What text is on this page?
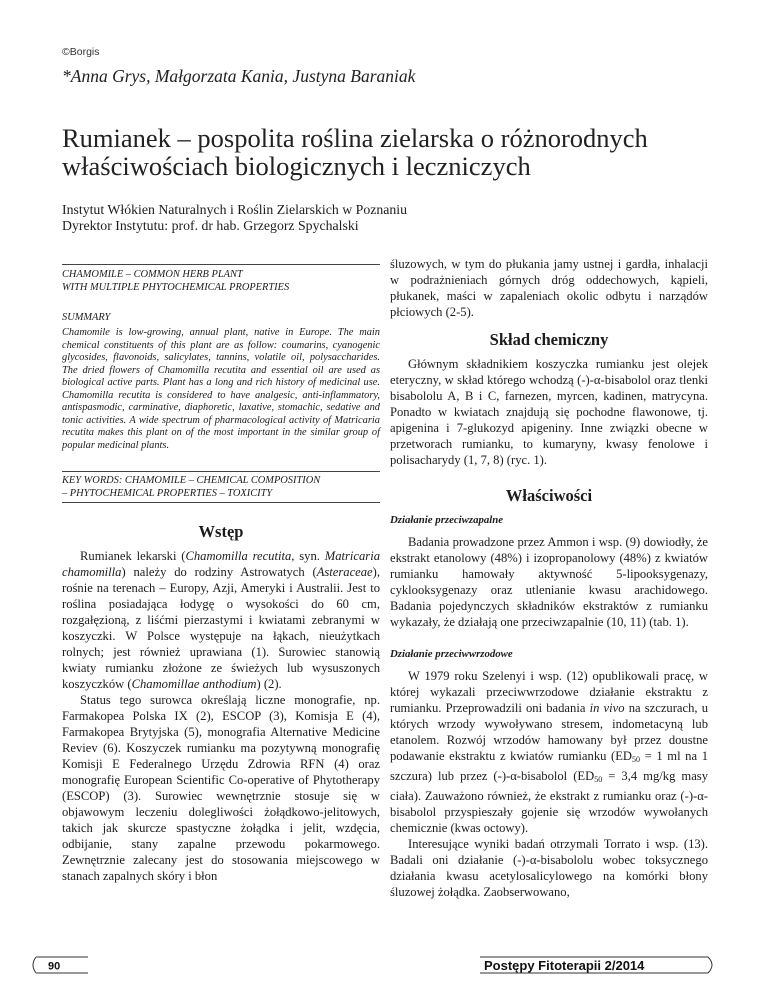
©Borgis
*Anna Grys, Małgorzata Kania, Justyna Baraniak
Rumianek – pospolita roślina zielarska o różnorodnych właściwościach biologicznych i leczniczych
Instytut Włókien Naturalnych i Roślin Zielarskich w Poznaniu
Dyrektor Instytutu: prof. dr hab. Grzegorz Spychalski
CHAMOMILE – COMMON HERB PLANT
WITH MULTIPLE PHYTOCHEMICAL PROPERTIES
SUMMARY
Chamomile is low-growing, annual plant, native in Europe. The main chemical constituents of this plant are as follow: coumarins, cyanogenic glycosides, flavonoids, salicylates, tannins, volatile oil, polysaccharides. The dried flowers of Chamomilla recutita and essential oil are used as biological active parts. Plant has a long and rich history of medicinal use. Chamomilla recutita is considered to have analgesic, anti-inflammatory, antispasmodic, carminative, diaphoretic, laxative, stomachic, sedative and tonic activities. A wide spectrum of pharmacological activity of Matricaria recutita makes this plant on of the most important in the similar group of popular medicinal plants.
KEY WORDS: CHAMOMILE – CHEMICAL COMPOSITION
– PHYTOCHEMICAL PROPERTIES – TOXICITY
Wstęp

Rumianek lekarski (Chamomilla recutita, syn. Matricaria chamomilla) należy do rodziny Astrowatych (Asteraceae), rośnie na terenach – Europy, Azji, Ameryki i Australii. Jest to roślina posiadająca łodygę o wysokości do 60 cm, rozgałęzioną, z liśćmi pierzastymi i kwiatami zebranymi w koszyczki. W Polsce występuje na łąkach, nieużytkach rolnych; jest również uprawiana (1). Surowiec stanowią kwiaty rumianku złożone ze świeżych lub wysuszonych koszyczków (Chamomillae anthodium) (2).

Status tego surowca określają liczne monografie, np. Farmakopea Polska IX (2), ESCOP (3), Komisja E (4), Farmakopea Brytyjska (5), monografia Alternative Medicine Reviev (6). Koszyczek rumianku ma pozytywną monografię Komisji E Federalnego Urzędu Zdrowia RFN (4) oraz monografię European Scientific Co-operative of Phytotherapy (ESCOP) (3). Surowiec wewnętrznie stosuje się w objawowym leczeniu dolegliwości żołądkowo-jelitowych, takich jak skurcze spastyczne żołądka i jelit, wzdęcia, odbijanie, stany zapalne przewodu pokarmowego. Zewnętrznie zalecany jest do stosowania miejscowego w stanach zapalnych skóry i błon

śluzowych, w tym do płukania jamy ustnej i gardła, inhalacji w podrażnieniach górnych dróg oddechowych, kąpieli, płukanek, maści w zapaleniach okolic odbytu i narządów płciowych (2-5).

Skład chemiczny

Głównym składnikiem koszyczka rumianku jest olejek eteryczny, w skład którego wchodzą (-)-α-bisabolol oraz tlenki bisabololu A, B i C, farnezen, myrcen, kadinen, matrycyna. Ponadto w kwiatach znajdują się pochodne flawonowe, tj. apigenina i 7-glukozyd apigeniny. Inne związki obecne w przetworach rumianku, to kumaryny, kwasy fenolowe i polisacharydy (1, 7, 8) (ryc. 1).

Właściwości
Działanie przeciwzapalne

Badania prowadzone przez Ammon i wsp. (9) dowiodły, że ekstrakt etanolowy (48%) i izopropanolowy (48%) z kwiatów rumianku hamowały aktywność 5-lipooksygenazy, cyklooksygenazy oraz utlenianie kwasu arachidowego. Badania pojedynczych składników ekstraktów z rumianku wykazały, że działają one przeciwzapalnie (10, 11) (tab. 1).

Działanie przeciwwrzodowe

W 1979 roku Szelenyi i wsp. (12) opublikowali pracę, w której wykazali przeciwwrzodowe działanie ekstraktu z rumianku. Przeprowadzili oni badania in vivo na szczurach, u których wrzody wywoływano stresem, indometacyną lub etanolem. Rozwój wrzodów hamowany był przez doustne podawanie ekstraktu z kwiatów rumianku ($ED_{50} = 1$ ml na 1 szczura) lub przez (-)-α-bisabolol ($ED_{50} = 3,4$ mg/kg masy ciała). Zauważono również, że ekstrakt z rumianku oraz (-)-α-bisabolol przyspieszały gojenie się wrzodów wywołanych chemicznie (kwas octowy).

Interesujące wyniki badań otrzymali Torrato i wsp. (13). Badali oni działanie (-)-α-bisabololu wobec toksycznego działania kwasu acetylosalicylowego na komórki błony śluzowej żołądka. Zaobserwowano,

90	Postępy Fitoterapii 2/2014
